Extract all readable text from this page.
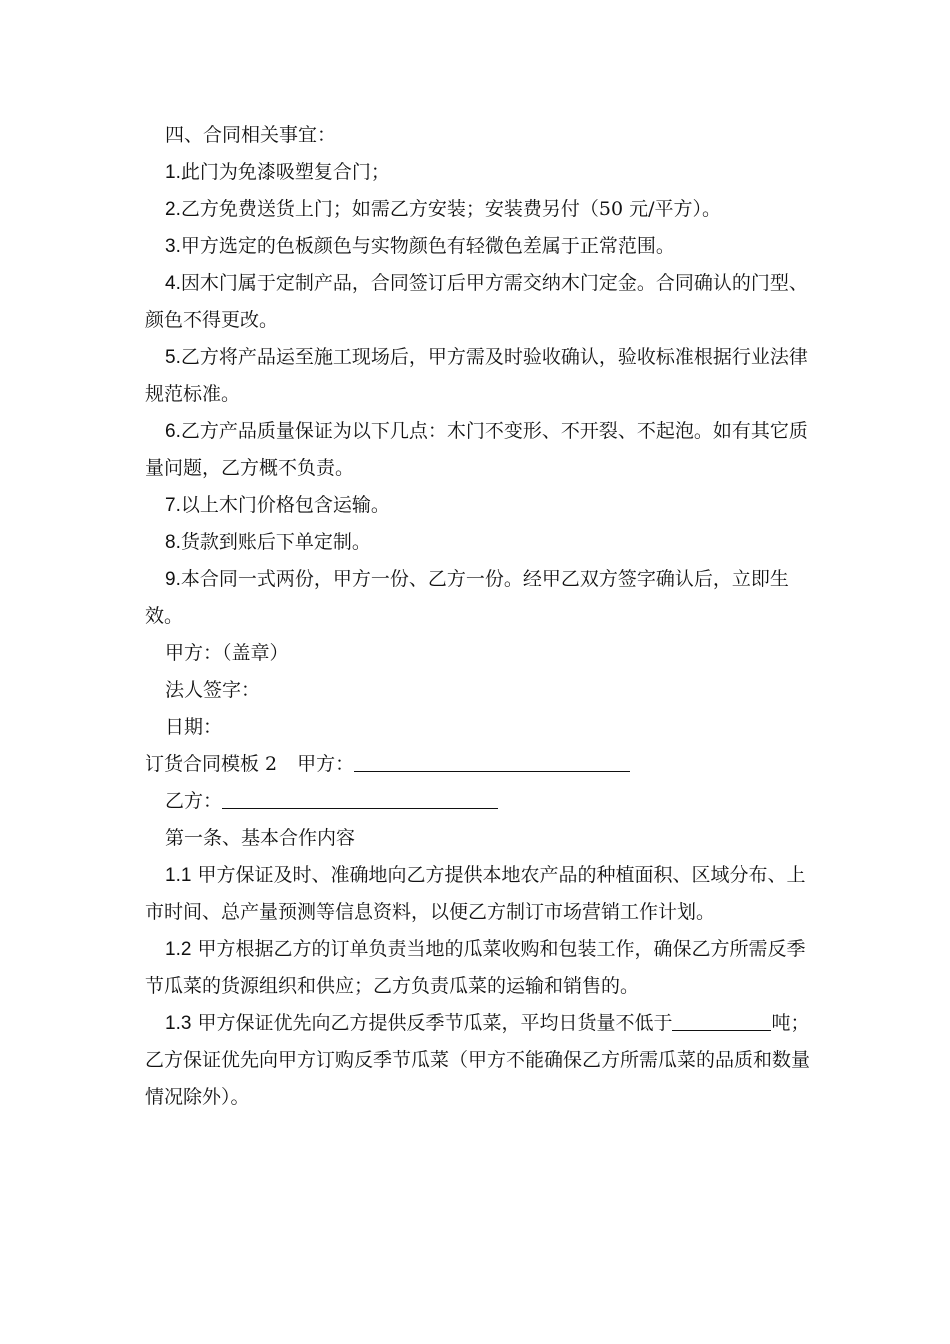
四、合同相关事宜：

1.此门为免漆吸塑复合门；

2.乙方免费送货上门；如需乙方安装；安装费另付（50 元/平方）。

3.甲方选定的色板颜色与实物颜色有轻微色差属于正常范围。

4.因木门属于定制产品，合同签订后甲方需交纳木门定金。合同确认的门型、颜色不得更改。

5.乙方将产品运至施工现场后，甲方需及时验收确认，验收标准根据行业法律规范标准。

6.乙方产品质量保证为以下几点：木门不变形、不开裂、不起泡。如有其它质量问题，乙方概不负责。

7.以上木门价格包含运输。

8.货款到账后下单定制。

9.本合同一式两份，甲方一份、乙方一份。经甲乙双方签字确认后，立即生效。

甲方：（盖章）

法人签字：

日期：

订货合同模板 2 甲方：

乙方：

第一条、基本合作内容

1.1 甲方保证及时、准确地向乙方提供本地农产品的种植面积、区域分布、上市时间、总产量预测等信息资料，以便乙方制订市场营销工作计划。

1.2 甲方根据乙方的订单负责当地的瓜菜收购和包装工作，确保乙方所需反季节瓜菜的货源组织和供应；乙方负责瓜菜的运输和销售的。

1.3 甲方保证优先向乙方提供反季节瓜菜，平均日货量不低于	吨；乙方保证优先向甲方订购反季节瓜菜（甲方不能确保乙方所需瓜菜的品质和数量情况除外）。
